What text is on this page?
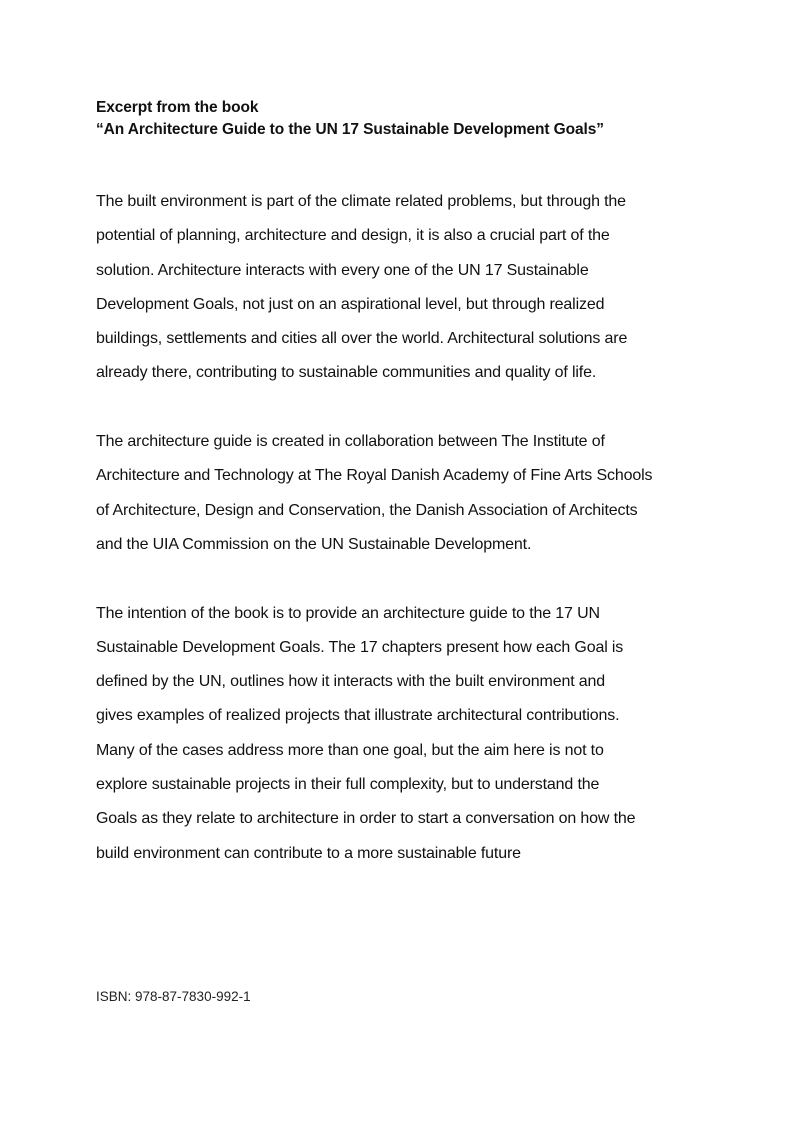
Excerpt from the book
“An Architecture Guide to the UN 17 Sustainable Development Goals”

The built environment is part of the climate related problems, but through the
potential of planning, architecture and design, it is also a crucial part of the
solution. Architecture interacts with every one of the UN 17 Sustainable
Development Goals, not just on an aspirational level, but through realized
buildings, settlements and cities all over the world. Architectural solutions are
already there, contributing to sustainable communities and quality of life.

The architecture guide is created in collaboration between The Institute of
Architecture and Technology at The Royal Danish Academy of Fine Arts Schools
of Architecture, Design and Conservation, the Danish Association of Architects
and the UIA Commission on the UN Sustainable Development.

The intention of the book is to provide an architecture guide to the 17 UN
Sustainable Development Goals. The 17 chapters present how each Goal is
defined by the UN, outlines how it interacts with the built environment and
gives examples of realized projects that illustrate architectural contributions.
Many of the cases address more than one goal, but the aim here is not to
explore sustainable projects in their full complexity, but to understand the
Goals as they relate to architecture in order to start a conversation on how the
build environment can contribute to a more sustainable future

ISBN: 978-87-7830-992-1
